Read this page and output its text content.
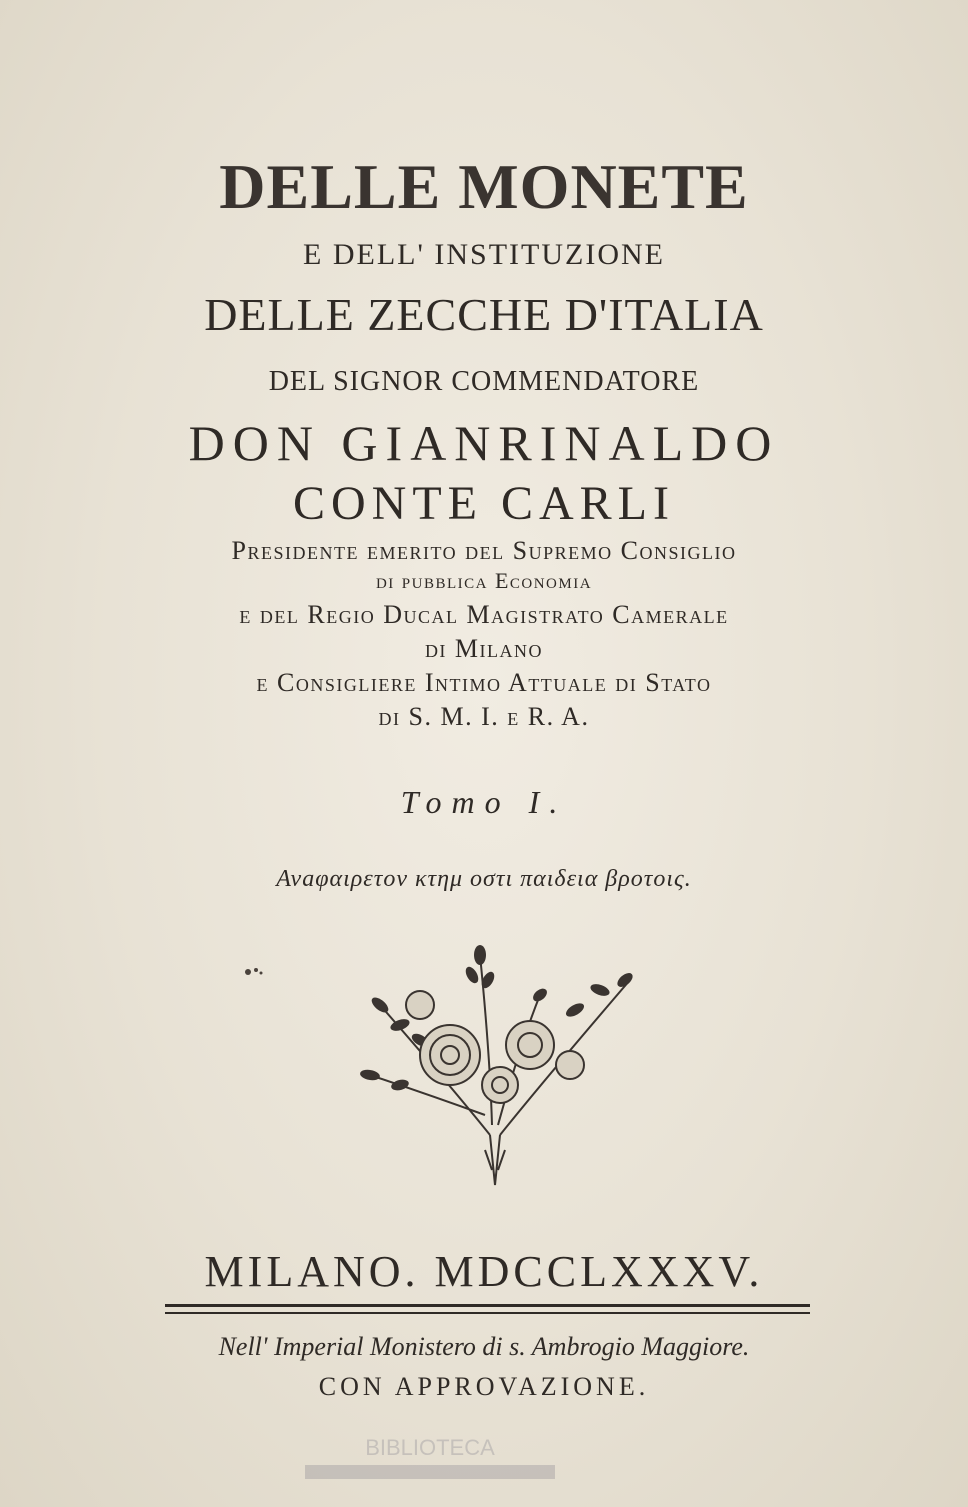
DELLE MONETE
E DELL' INSTITUZIONE
DELLE ZECCHE D'ITALIA
DEL SIGNOR COMMENDATORE
DON GIANRINALDO
CONTE CARLI
Presidente emerito del Supremo Consiglio
di pubblica Economia
e del Regio Ducal Magistrato Camerale
di Milano
e Consigliere Intimo Attuale di Stato
di S. M. I. e R. A.
Tomo I.
Ανaφαιρετον κτημ οστι παιδεια βροτοις.
MILANO. MDCCLXXXV.
Nell' Imperial Monistero di s. Ambrogio Maggiore.
CON APPROVAZIONE.
BIBLIOTECA
